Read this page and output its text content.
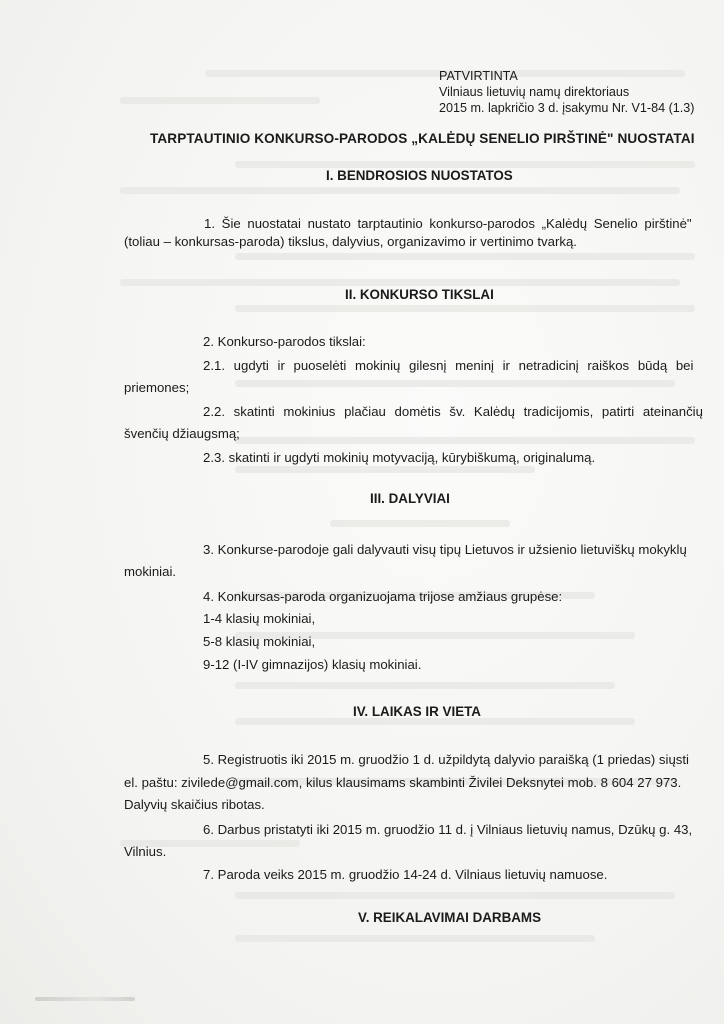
PATVIRTINTA
Vilniaus lietuvių namų direktoriaus
2015 m. lapkričio 3 d. įsakymu Nr. V1-84 (1.3)
TARPTAUTINIO KONKURSO-PARODOS „KALĖDŲ SENELIO PIRŠTINĖ" NUOSTATAI
I. BENDROSIOS NUOSTATOS
1. Šie nuostatai nustato tarptautinio konkurso-parodos „Kalėdų Senelio pirštinė"
(toliau – konkursas-paroda) tikslus, dalyvius, organizavimo ir vertinimo tvarką.
II. KONKURSO TIKSLAI
2. Konkurso-parodos tikslai:
2.1. ugdyti ir puoselėti mokinių gilesnį meninį ir netradicinį raiškos būdą bei
priemones;
2.2. skatinti mokinius plačiau domėtis šv. Kalėdų tradicijomis, patirti ateinančių
švenčių džiaugsmą;
2.3. skatinti ir ugdyti mokinių motyvaciją, kūrybiškumą, originalumą.
III. DALYVIAI
3. Konkurse-parodoje gali dalyvauti visų tipų Lietuvos ir užsienio lietuviškų mokyklų
mokiniai.
4. Konkursas-paroda organizuojama trijose amžiaus grupėse:
1-4 klasių mokiniai,
5-8 klasių mokiniai,
9-12 (I-IV gimnazijos) klasių mokiniai.
IV. LAIKAS IR VIETA
5. Registruotis iki 2015 m. gruodžio 1 d. užpildytą dalyvio paraišką (1 priedas) siųsti
el. paštu: zivilede@gmail.com, kilus klausimams skambinti Živilei Deksnytei mob. 8 604 27 973.
Dalyvių skaičius ribotas.
6. Darbus pristatyti iki 2015 m. gruodžio 11 d. į Vilniaus lietuvių namus, Dzūkų g. 43,
Vilnius.
7. Paroda veiks 2015 m. gruodžio 14-24 d. Vilniaus lietuvių namuose.
V. REIKALAVIMAI DARBAMS
